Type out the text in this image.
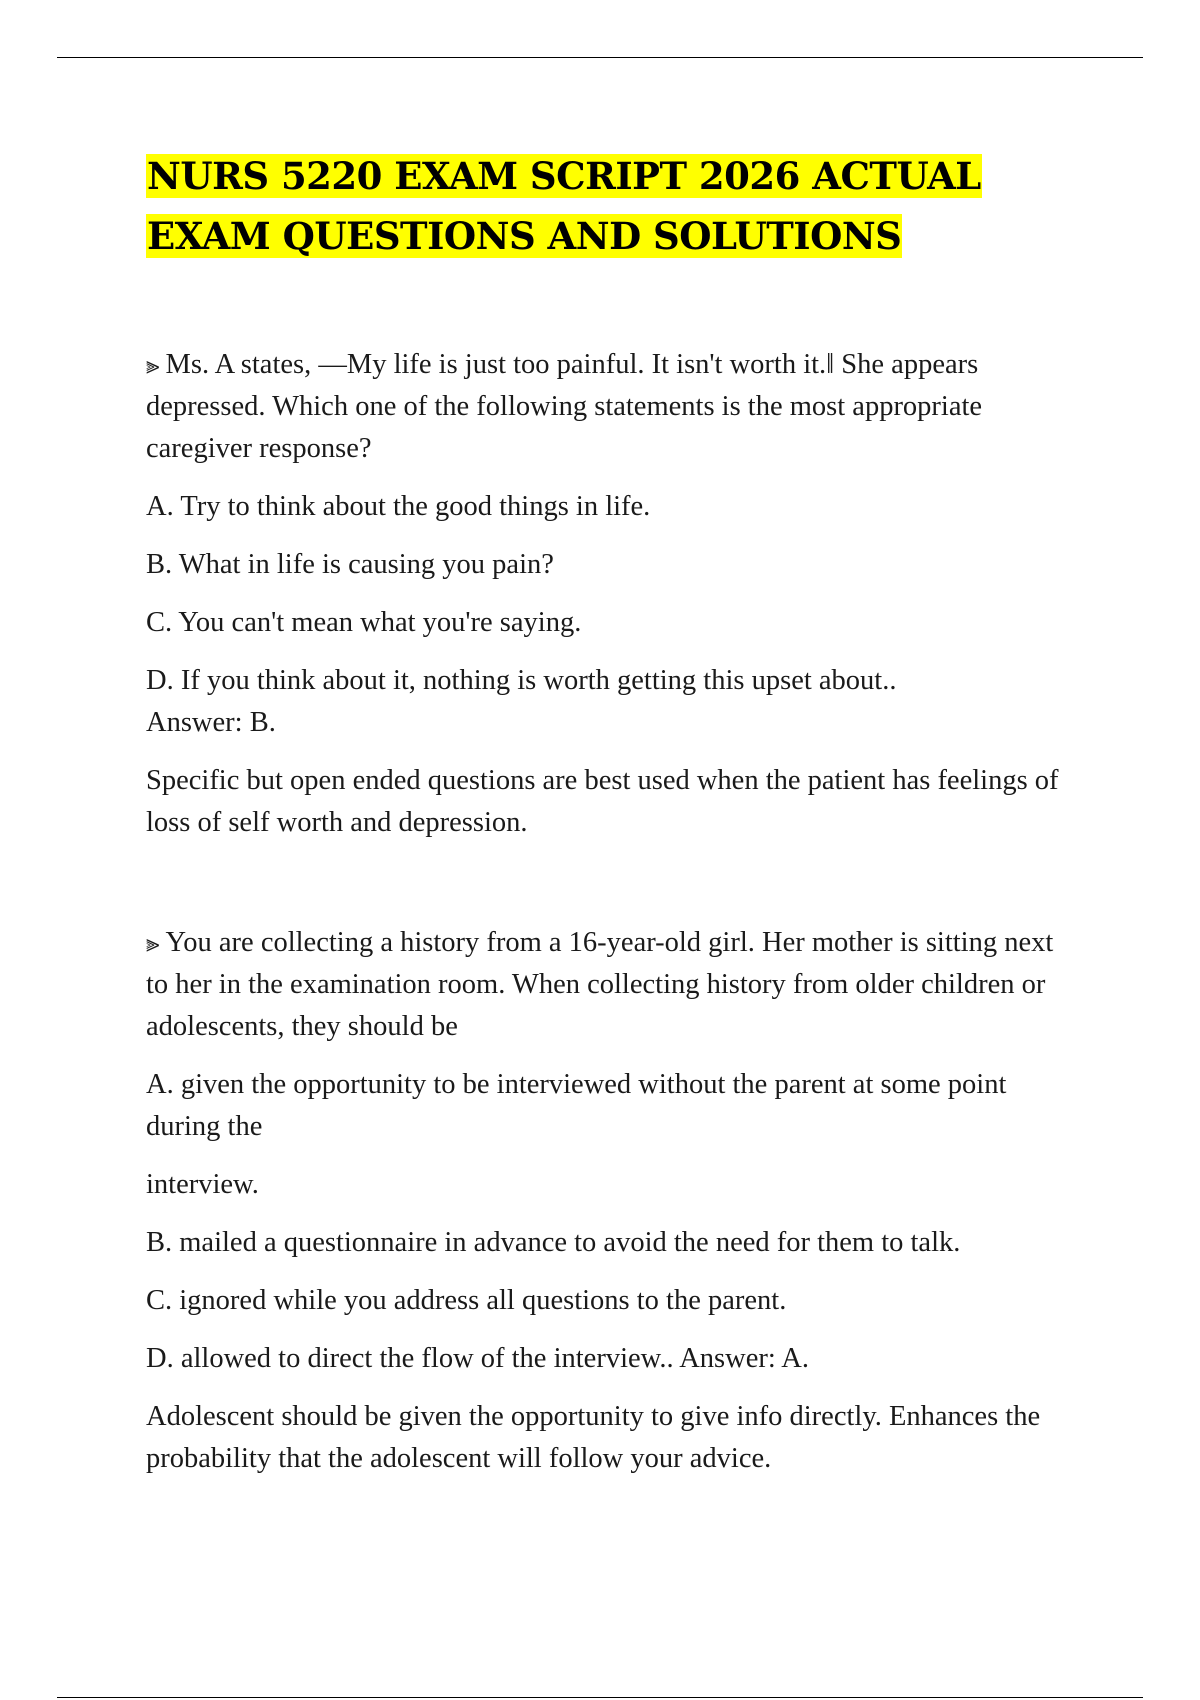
NURS 5220 EXAM SCRIPT 2026 ACTUAL EXAM QUESTIONS AND SOLUTIONS

⫸ Ms. A states, ―My life is just too painful. It isn't worth it.‖ She appears depressed. Which one of the following statements is the most appropriate caregiver response?

A. Try to think about the good things in life.

B. What in life is causing you pain?

C. You can't mean what you're saying.

D. If you think about it, nothing is worth getting this upset about..
Answer: B.

Specific but open ended questions are best used when the patient has feelings of loss of self worth and depression.

⫸ You are collecting a history from a 16-year-old girl. Her mother is sitting next to her in the examination room. When collecting history from older children or adolescents, they should be

A. given the opportunity to be interviewed without the parent at some point during the

interview.

B. mailed a questionnaire in advance to avoid the need for them to talk.

C. ignored while you address all questions to the parent.

D. allowed to direct the flow of the interview.. Answer: A.

Adolescent should be given the opportunity to give info directly. Enhances the probability that the adolescent will follow your advice.
